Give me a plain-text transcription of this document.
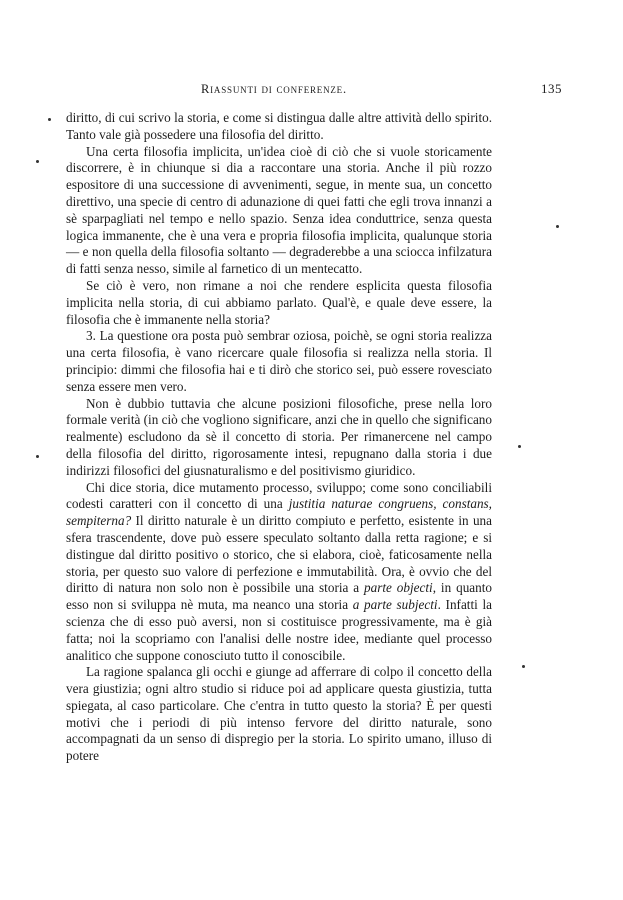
Riassunti di conferenze.	135

diritto, di cui scrivo la storia, e come si distingua dalle altre attività dello spirito. Tanto vale già possedere una filosofia del diritto.

Una certa filosofia implicita, un'idea cioè di ciò che si vuole storicamente discorrere, è in chiunque si dia a raccontare una storia. Anche il più rozzo espositore di una successione di avvenimenti, segue, in mente sua, un concetto direttivo, una specie di centro di adunazione di quei fatti che egli trova innanzi a sè sparpagliati nel tempo e nello spazio. Senza idea conduttrice, senza questa logica immanente, che è una vera e propria filosofia implicita, qualunque storia — e non quella della filosofia soltanto — degraderebbe a una sciocca infilzatura di fatti senza nesso, simile al farnetico di un mentecatto.

Se ciò è vero, non rimane a noi che rendere esplicita questa filosofia implicita nella storia, di cui abbiamo parlato. Qual'è, e quale deve essere, la filosofia che è immanente nella storia?

3. La questione ora posta può sembrar oziosa, poichè, se ogni storia realizza una certa filosofia, è vano ricercare quale filosofia si realizza nella storia. Il principio: dimmi che filosofia hai e ti dirò che storico sei, può essere rovesciato senza essere men vero.

Non è dubbio tuttavia che alcune posizioni filosofiche, prese nella loro formale verità (in ciò che vogliono significare, anzi che in quello che significano realmente) escludono da sè il concetto di storia. Per rimanercene nel campo della filosofia del diritto, rigorosamente intesi, repugnano dalla storia i due indirizzi filosofici del giusnaturalismo e del positivismo giuridico.

Chi dice storia, dice mutamento processo, sviluppo; come sono conciliabili codesti caratteri con il concetto di una justitia naturae congruens, constans, sempiterna? Il diritto naturale è un diritto compiuto e perfetto, esistente in una sfera trascendente, dove può essere speculato soltanto dalla retta ragione; e si distingue dal diritto positivo o storico, che si elabora, cioè, faticosamente nella storia, per questo suo valore di perfezione e immutabilità. Ora, è ovvio che del diritto di natura non solo non è possibile una storia a parte objecti, in quanto esso non si sviluppa nè muta, ma neanco una storia a parte subjecti. Infatti la scienza che di esso può aversi, non si costituisce progressivamente, ma è già fatta; noi la scopriamo con l'analisi delle nostre idee, mediante quel processo analitico che suppone conosciuto tutto il conoscibile.

La ragione spalanca gli occhi e giunge ad afferrare di colpo il concetto della vera giustizia; ogni altro studio si riduce poi ad applicare questa giustizia, tutta spiegata, al caso particolare. Che c'entra in tutto questo la storia? È per questi motivi che i periodi di più intenso fervore del diritto naturale, sono accompagnati da un senso di dispregio per la storia. Lo spirito umano, illuso di potere
